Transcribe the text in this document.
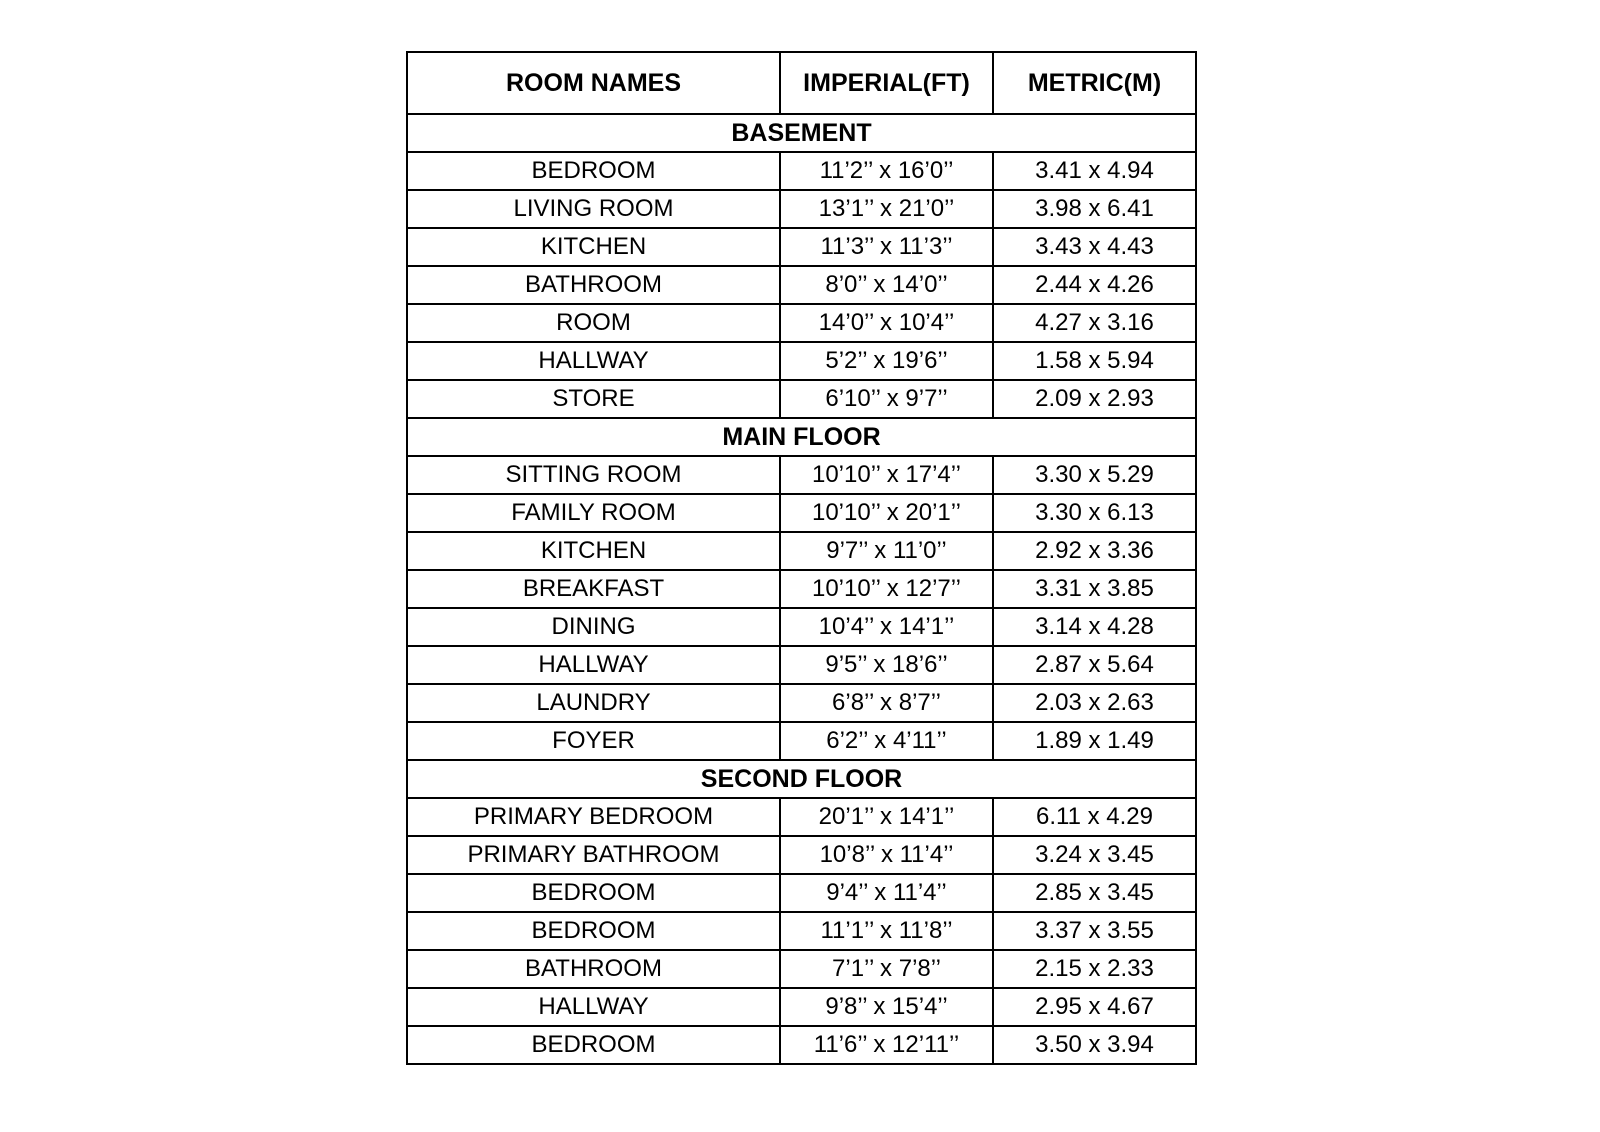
ROOM NAMES	IMPERIAL(FT)	METRIC(M)
BASEMENT		
BEDROOM	11’2’’ x 16’0’’	3.41 x 4.94
LIVING ROOM	13’1’’ x 21’0’’	3.98 x 6.41
KITCHEN	11’3’’ x 11’3’’	3.43 x 4.43
BATHROOM	8’0’’ x 14’0’’	2.44 x 4.26
ROOM	14’0’’ x 10’4’’	4.27 x 3.16
HALLWAY	5’2’’ x 19’6’’	1.58 x 5.94
STORE	6’10’’ x 9’7’’	2.09 x 2.93
MAIN FLOOR		
SITTING ROOM	10’10’’ x 17’4’’	3.30 x 5.29
FAMILY ROOM	10’10’’ x 20’1’’	3.30 x 6.13
KITCHEN	9’7’’ x 11’0’’	2.92 x 3.36
BREAKFAST	10’10’’ x 12’7’’	3.31 x 3.85
DINING	10’4’’ x 14’1’’	3.14 x 4.28
HALLWAY	9’5’’ x 18’6’’	2.87 x 5.64
LAUNDRY	6’8’’ x 8’7’’	2.03 x 2.63
FOYER	6’2’’ x 4’11’’	1.89 x 1.49
SECOND FLOOR		
PRIMARY BEDROOM	20’1’’ x 14’1’’	6.11 x 4.29
PRIMARY BATHROOM	10’8’’ x 11’4’’	3.24 x 3.45
BEDROOM	9’4’’ x 11’4’’	2.85 x 3.45
BEDROOM	11’1’’ x 11’8’’	3.37 x 3.55
BATHROOM	7’1’’ x 7’8’’	2.15 x 2.33
HALLWAY	9’8’’ x 15’4’’	2.95 x 4.67
BEDROOM	11’6’’ x 12’11’’	3.50 x 3.94
